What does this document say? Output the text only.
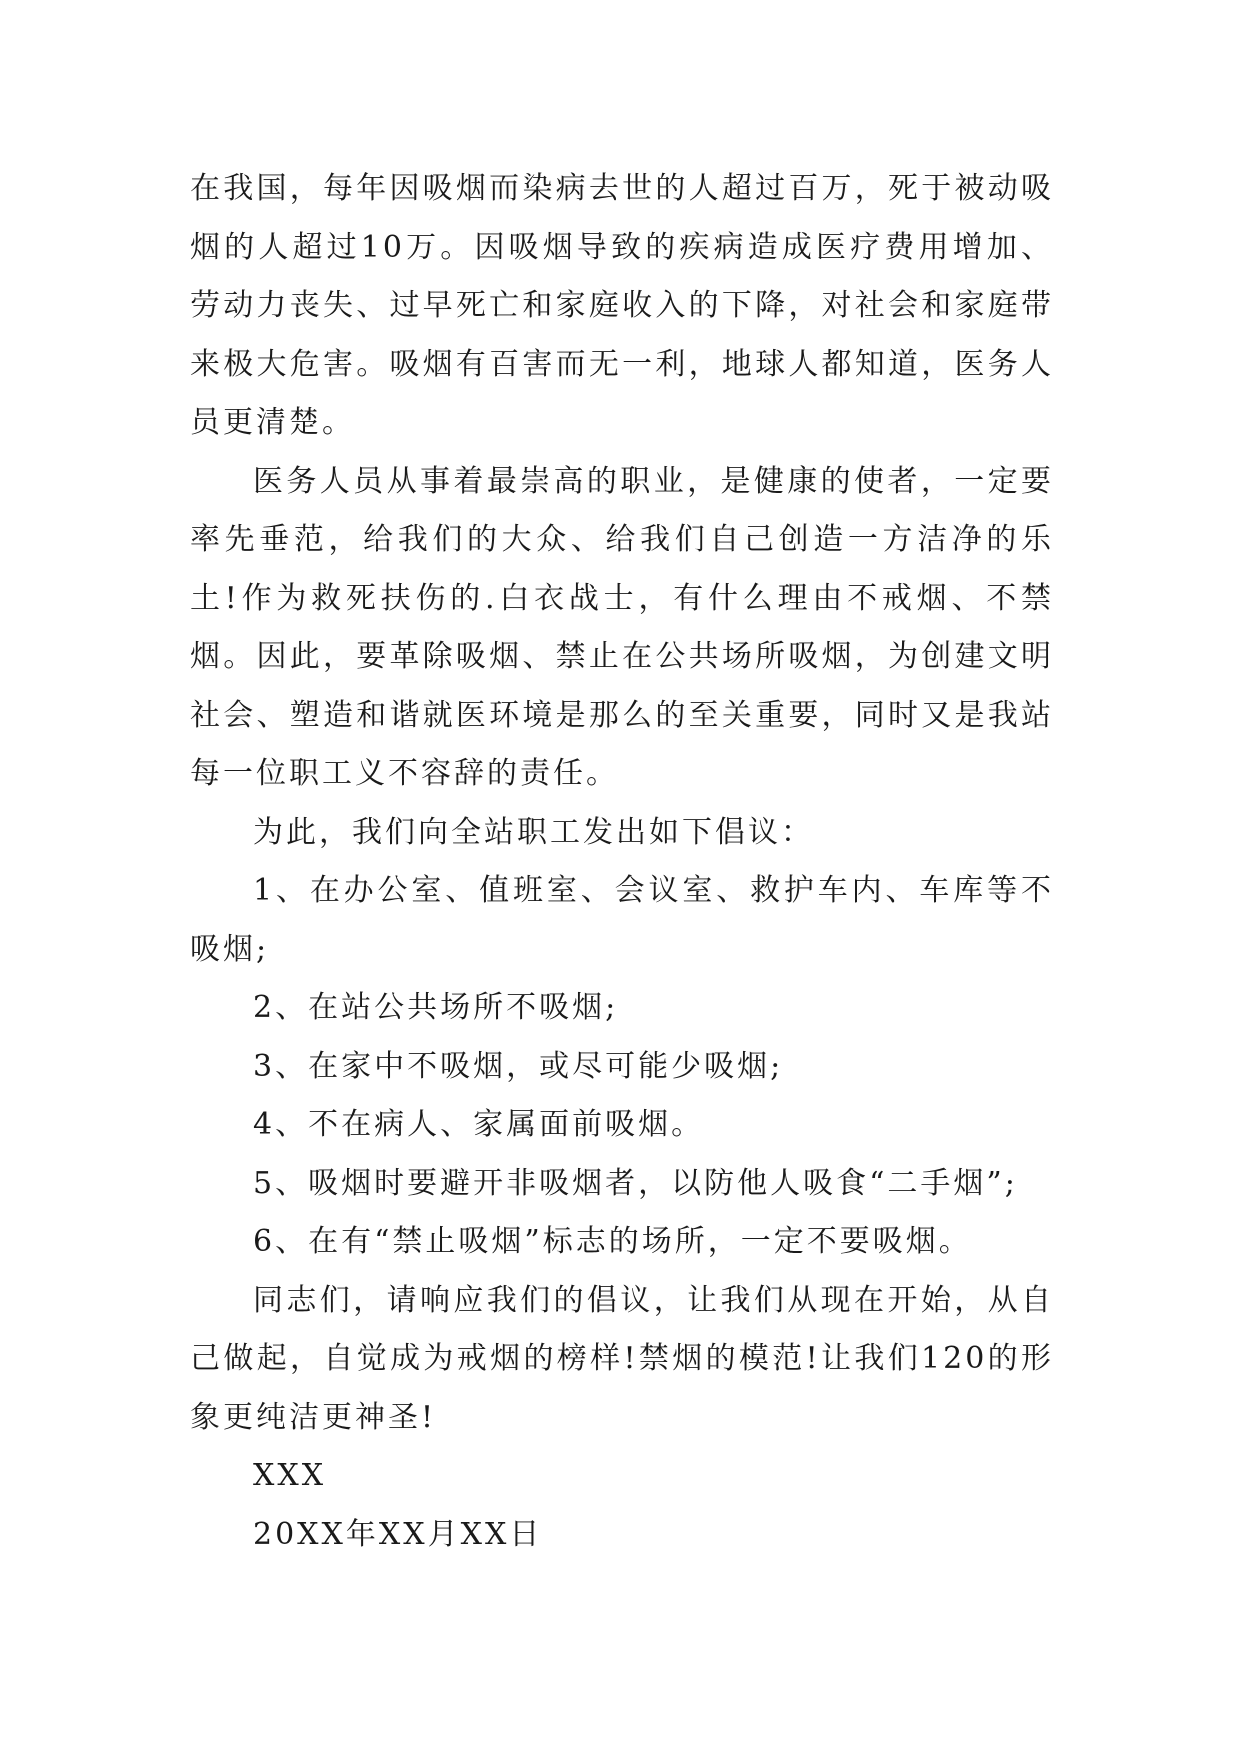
在我国，每年因吸烟而染病去世的人超过百万，死于被动吸烟的人超过10万。因吸烟导致的疾病造成医疗费用增加、劳动力丧失、过早死亡和家庭收入的下降，对社会和家庭带来极大危害。吸烟有百害而无一利，地球人都知道，医务人员更清楚。

医务人员从事着最崇高的职业，是健康的使者，一定要率先垂范，给我们的大众、给我们自己创造一方洁净的乐土!作为救死扶伤的.白衣战士，有什么理由不戒烟、不禁烟。因此，要革除吸烟、禁止在公共场所吸烟，为创建文明社会、塑造和谐就医环境是那么的至关重要，同时又是我站每一位职工义不容辞的责任。

为此，我们向全站职工发出如下倡议：

1、在办公室、值班室、会议室、救护车内、车库等不吸烟;

2、在站公共场所不吸烟;

3、在家中不吸烟，或尽可能少吸烟;

4、不在病人、家属面前吸烟。

5、吸烟时要避开非吸烟者，以防他人吸食“二手烟”;

6、在有“禁止吸烟”标志的场所，一定不要吸烟。

同志们，请响应我们的倡议，让我们从现在开始，从自己做起，自觉成为戒烟的榜样!禁烟的模范!让我们120的形象更纯洁更神圣!

XXX

20XX年XX月XX日
